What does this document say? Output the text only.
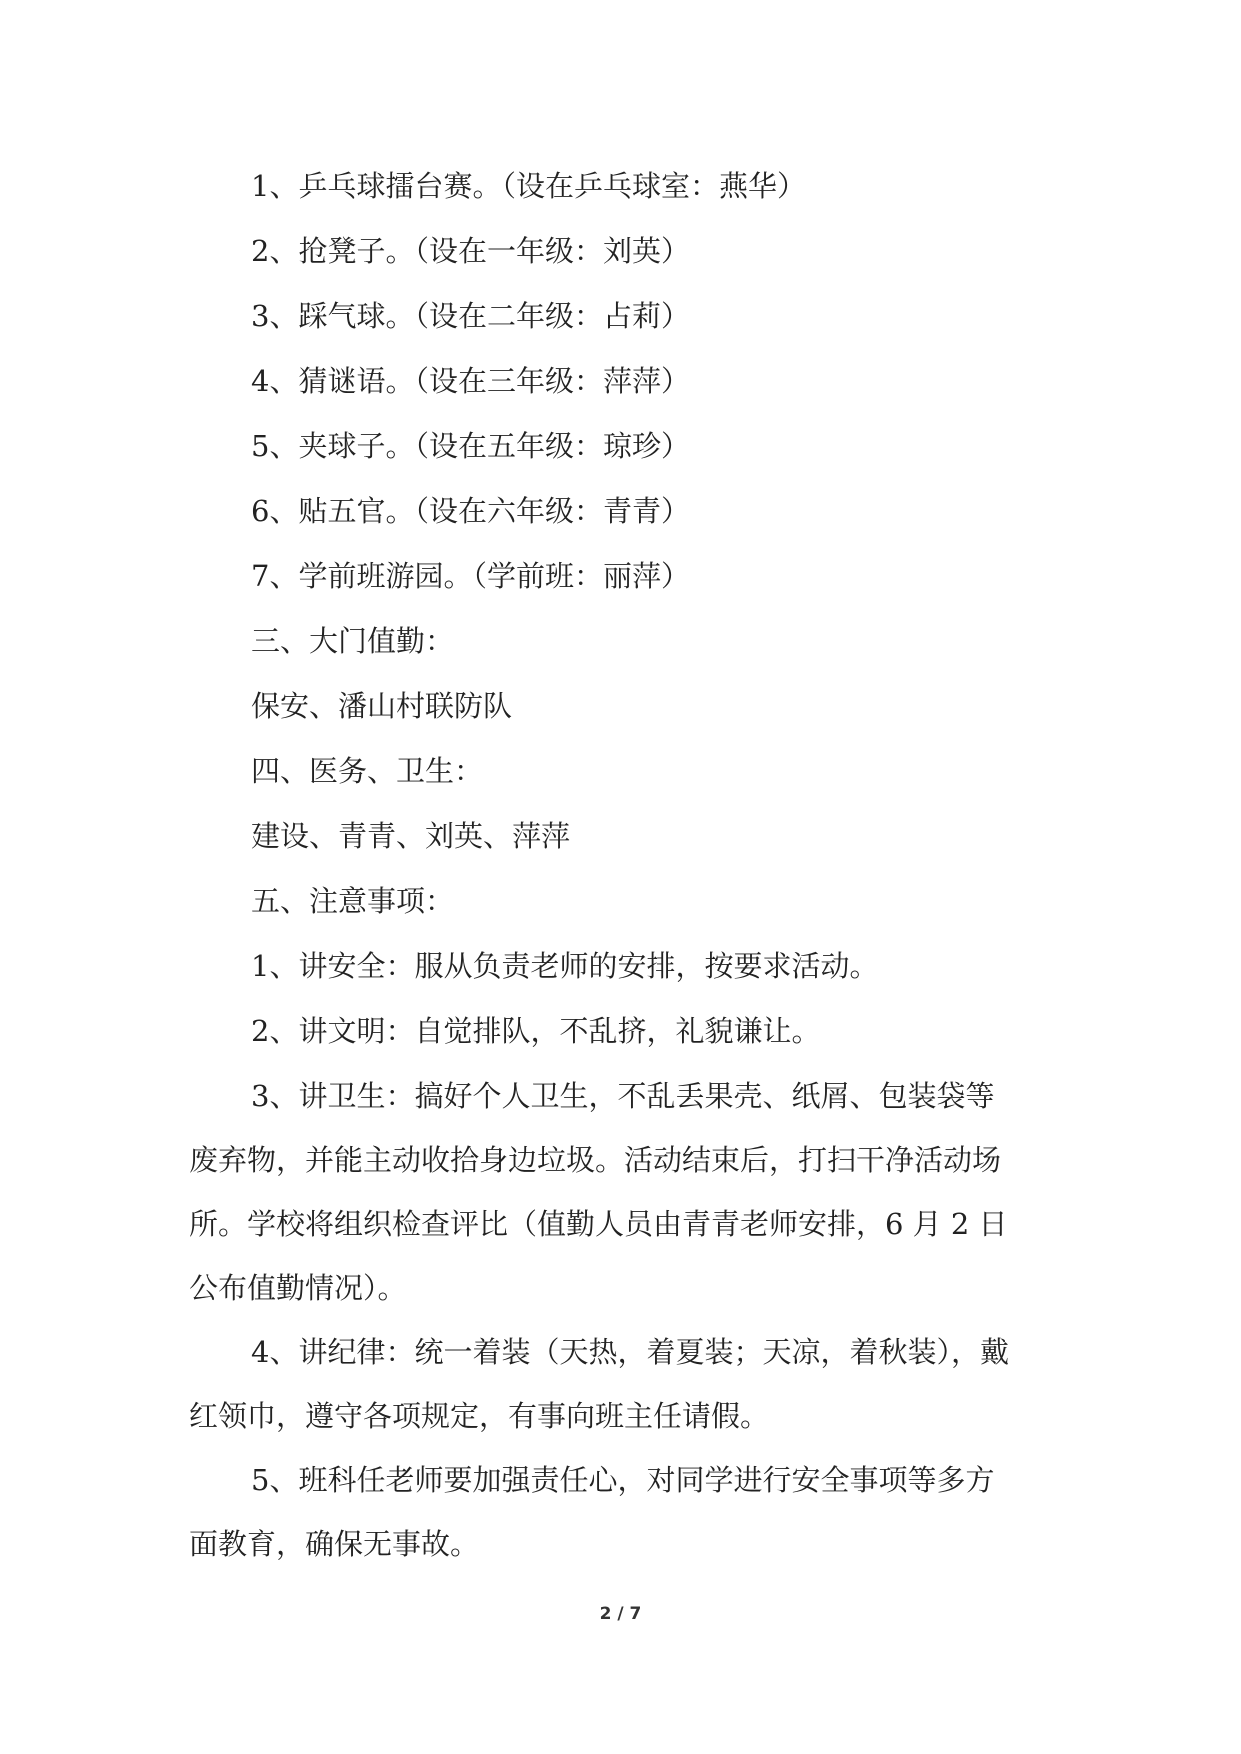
1、乒乓球擂台赛。（设在乒乓球室：燕华）

2、抢凳子。（设在一年级：刘英）

3、踩气球。（设在二年级：占莉）

4、猜谜语。（设在三年级：萍萍）

5、夹球子。（设在五年级：琼珍）

6、贴五官。（设在六年级：青青）

7、学前班游园。（学前班：丽萍）

三、大门值勤：

保安、潘山村联防队

四、医务、卫生：

建设、青青、刘英、萍萍

五、注意事项：

1、讲安全：服从负责老师的安排，按要求活动。

2、讲文明：自觉排队，不乱挤，礼貌谦让。

3、讲卫生：搞好个人卫生，不乱丢果壳、纸屑、包装袋等
废弃物，并能主动收拾身边垃圾。活动结束后，打扫干净活动场
所。学校将组织检查评比（值勤人员由青青老师安排，6 月 2 日
公布值勤情况）。
4、讲纪律：统一着装（天热，着夏装；天凉，着秋装），戴
红领巾，遵守各项规定，有事向班主任请假。
5、班科任老师要加强责任心，对同学进行安全事项等多方
面教育，确保无事故。
2 / 7
